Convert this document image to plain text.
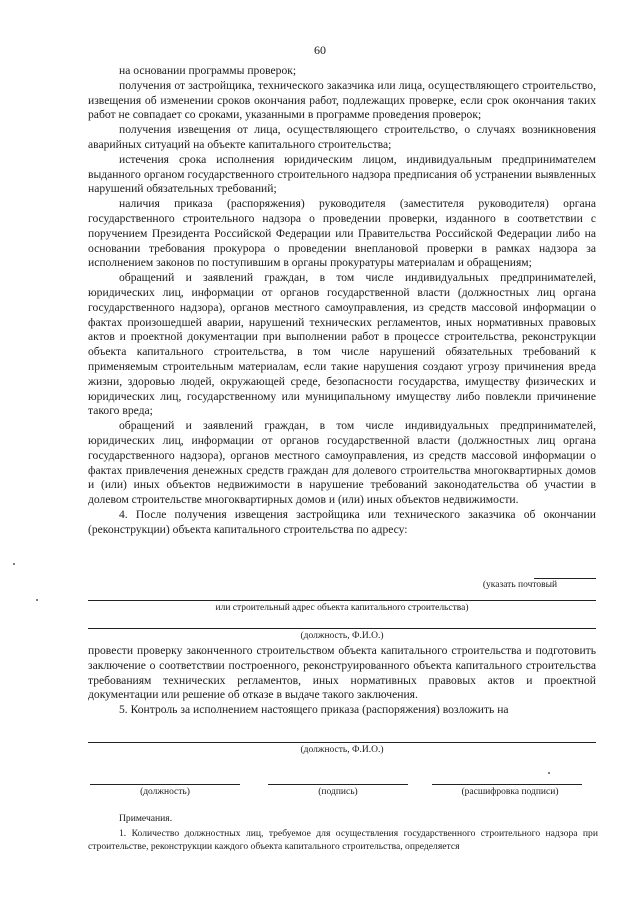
60

на основании программы проверок;

получения от застройщика, технического заказчика или лица, осуществляющего строительство, извещения об изменении сроков окончания работ, подлежащих проверке, если срок окончания таких работ не совпадает со сроками, указанными в программе проведения проверок;

получения извещения от лица, осуществляющего строительство, о случаях возникновения аварийных ситуаций на объекте капитального строительства;

истечения срока исполнения юридическим лицом, индивидуальным предпринимателем выданного органом государственного строительного надзора предписания об устранении выявленных нарушений обязательных требований;

наличия приказа (распоряжения) руководителя (заместителя руководителя) органа государственного строительного надзора о проведении проверки, изданного в соответствии с поручением Президента Российской Федерации или Правительства Российской Федерации либо на основании требования прокурора о проведении внеплановой проверки в рамках надзора за исполнением законов по поступившим в органы прокуратуры материалам и обращениям;

обращений и заявлений граждан, в том числе индивидуальных предпринимателей, юридических лиц, информации от органов государственной власти (должностных лиц органа государственного надзора), органов местного самоуправления, из средств массовой информации о фактах произошедшей аварии, нарушений технических регламентов, иных нормативных правовых актов и проектной документации при выполнении работ в процессе строительства, реконструкции объекта капитального строительства, в том числе нарушений обязательных требований к применяемым строительным материалам, если такие нарушения создают угрозу причинения вреда жизни, здоровью людей, окружающей среде, безопасности государства, имуществу физических и юридических лиц, государственному или муниципальному имуществу либо повлекли причинение такого вреда;

обращений и заявлений граждан, в том числе индивидуальных предпринимателей, юридических лиц, информации от органов государственной власти (должностных лиц органа государственного надзора), органов местного самоуправления, из средств массовой информации о фактах привлечения денежных средств граждан для долевого строительства многоквартирных домов и (или) иных объектов недвижимости в нарушение требований законодательства об участии в долевом строительстве многоквартирных домов и (или) иных объектов недвижимости.

4. После получения извещения застройщика или технического заказчика об окончании (реконструкции) объекта капитального строительства по адресу:

(указать почтовый
или строительный адрес объекта капитального строительства)
(должность, Ф.И.О.)

провести проверку законченного строительством объекта капитального строительства и подготовить заключение о соответствии построенного, реконструированного объекта капитального строительства требованиям технических регламентов, иных нормативных правовых актов и проектной документации или решение об отказе в выдаче такого заключения.

5. Контроль за исполнением настоящего приказа (распоряжения) возложить на

(должность, Ф.И.О.)
(должность)	(подпись)	(расшифровка подписи)

Примечания.

1. Количество должностных лиц, требуемое для осуществления государственного строительного надзора при строительстве, реконструкции каждого объекта капитального строительства, определяется
